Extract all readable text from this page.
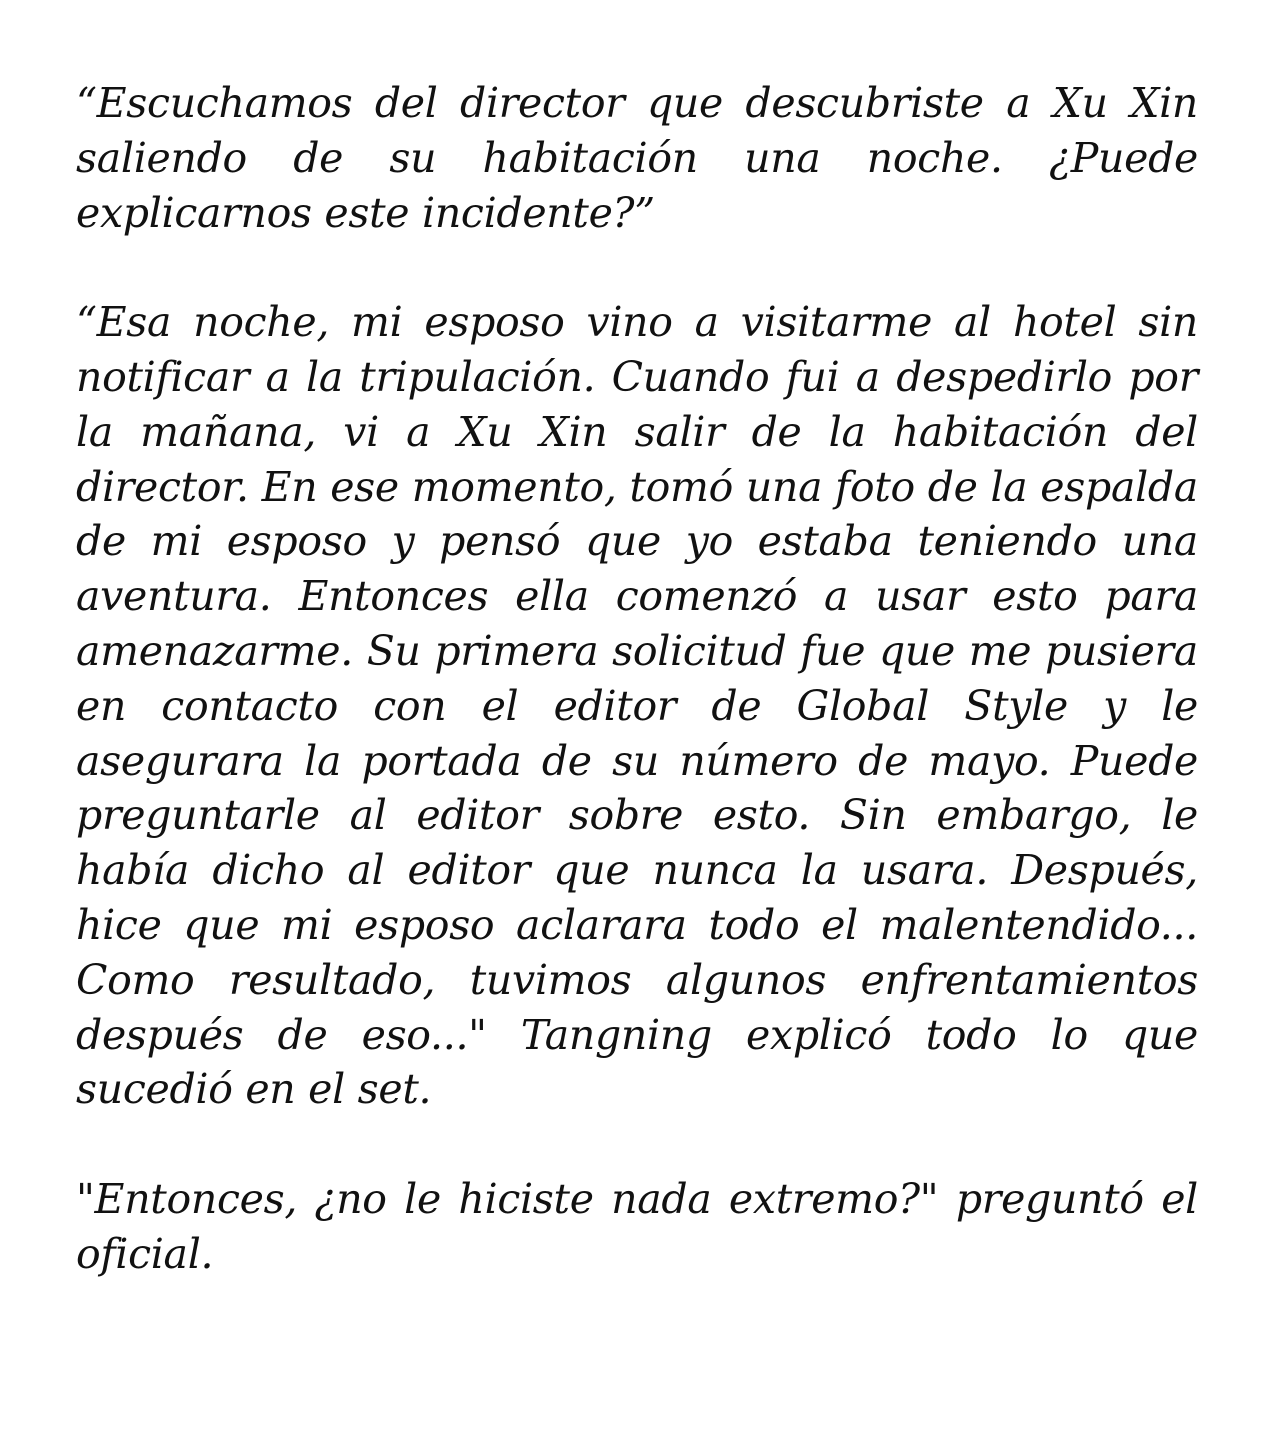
“Escuchamos del director que descubriste a Xu Xin saliendo de su habitación una noche. ¿Puede explicarnos este incidente?”

“Esa noche, mi esposo vino a visitarme al hotel sin notificar a la tripulación. Cuando fui a despedirlo por la mañana, vi a Xu Xin salir de la habitación del director. En ese momento, tomó una foto de la espalda de mi esposo y pensó que yo estaba teniendo una aventura. Entonces ella comenzó a usar esto para amenazarme. Su primera solicitud fue que me pusiera en contacto con el editor de Global Style y le asegurara la portada de su número de mayo. Puede preguntarle al editor sobre esto. Sin embargo, le había dicho al editor que nunca la usara. Después, hice que mi esposo aclarara todo el malentendido... Como resultado, tuvimos algunos enfrentamientos después de eso..." Tangning explicó todo lo que sucedió en el set.

"Entonces, ¿no le hiciste nada extremo?" preguntó el oficial.
